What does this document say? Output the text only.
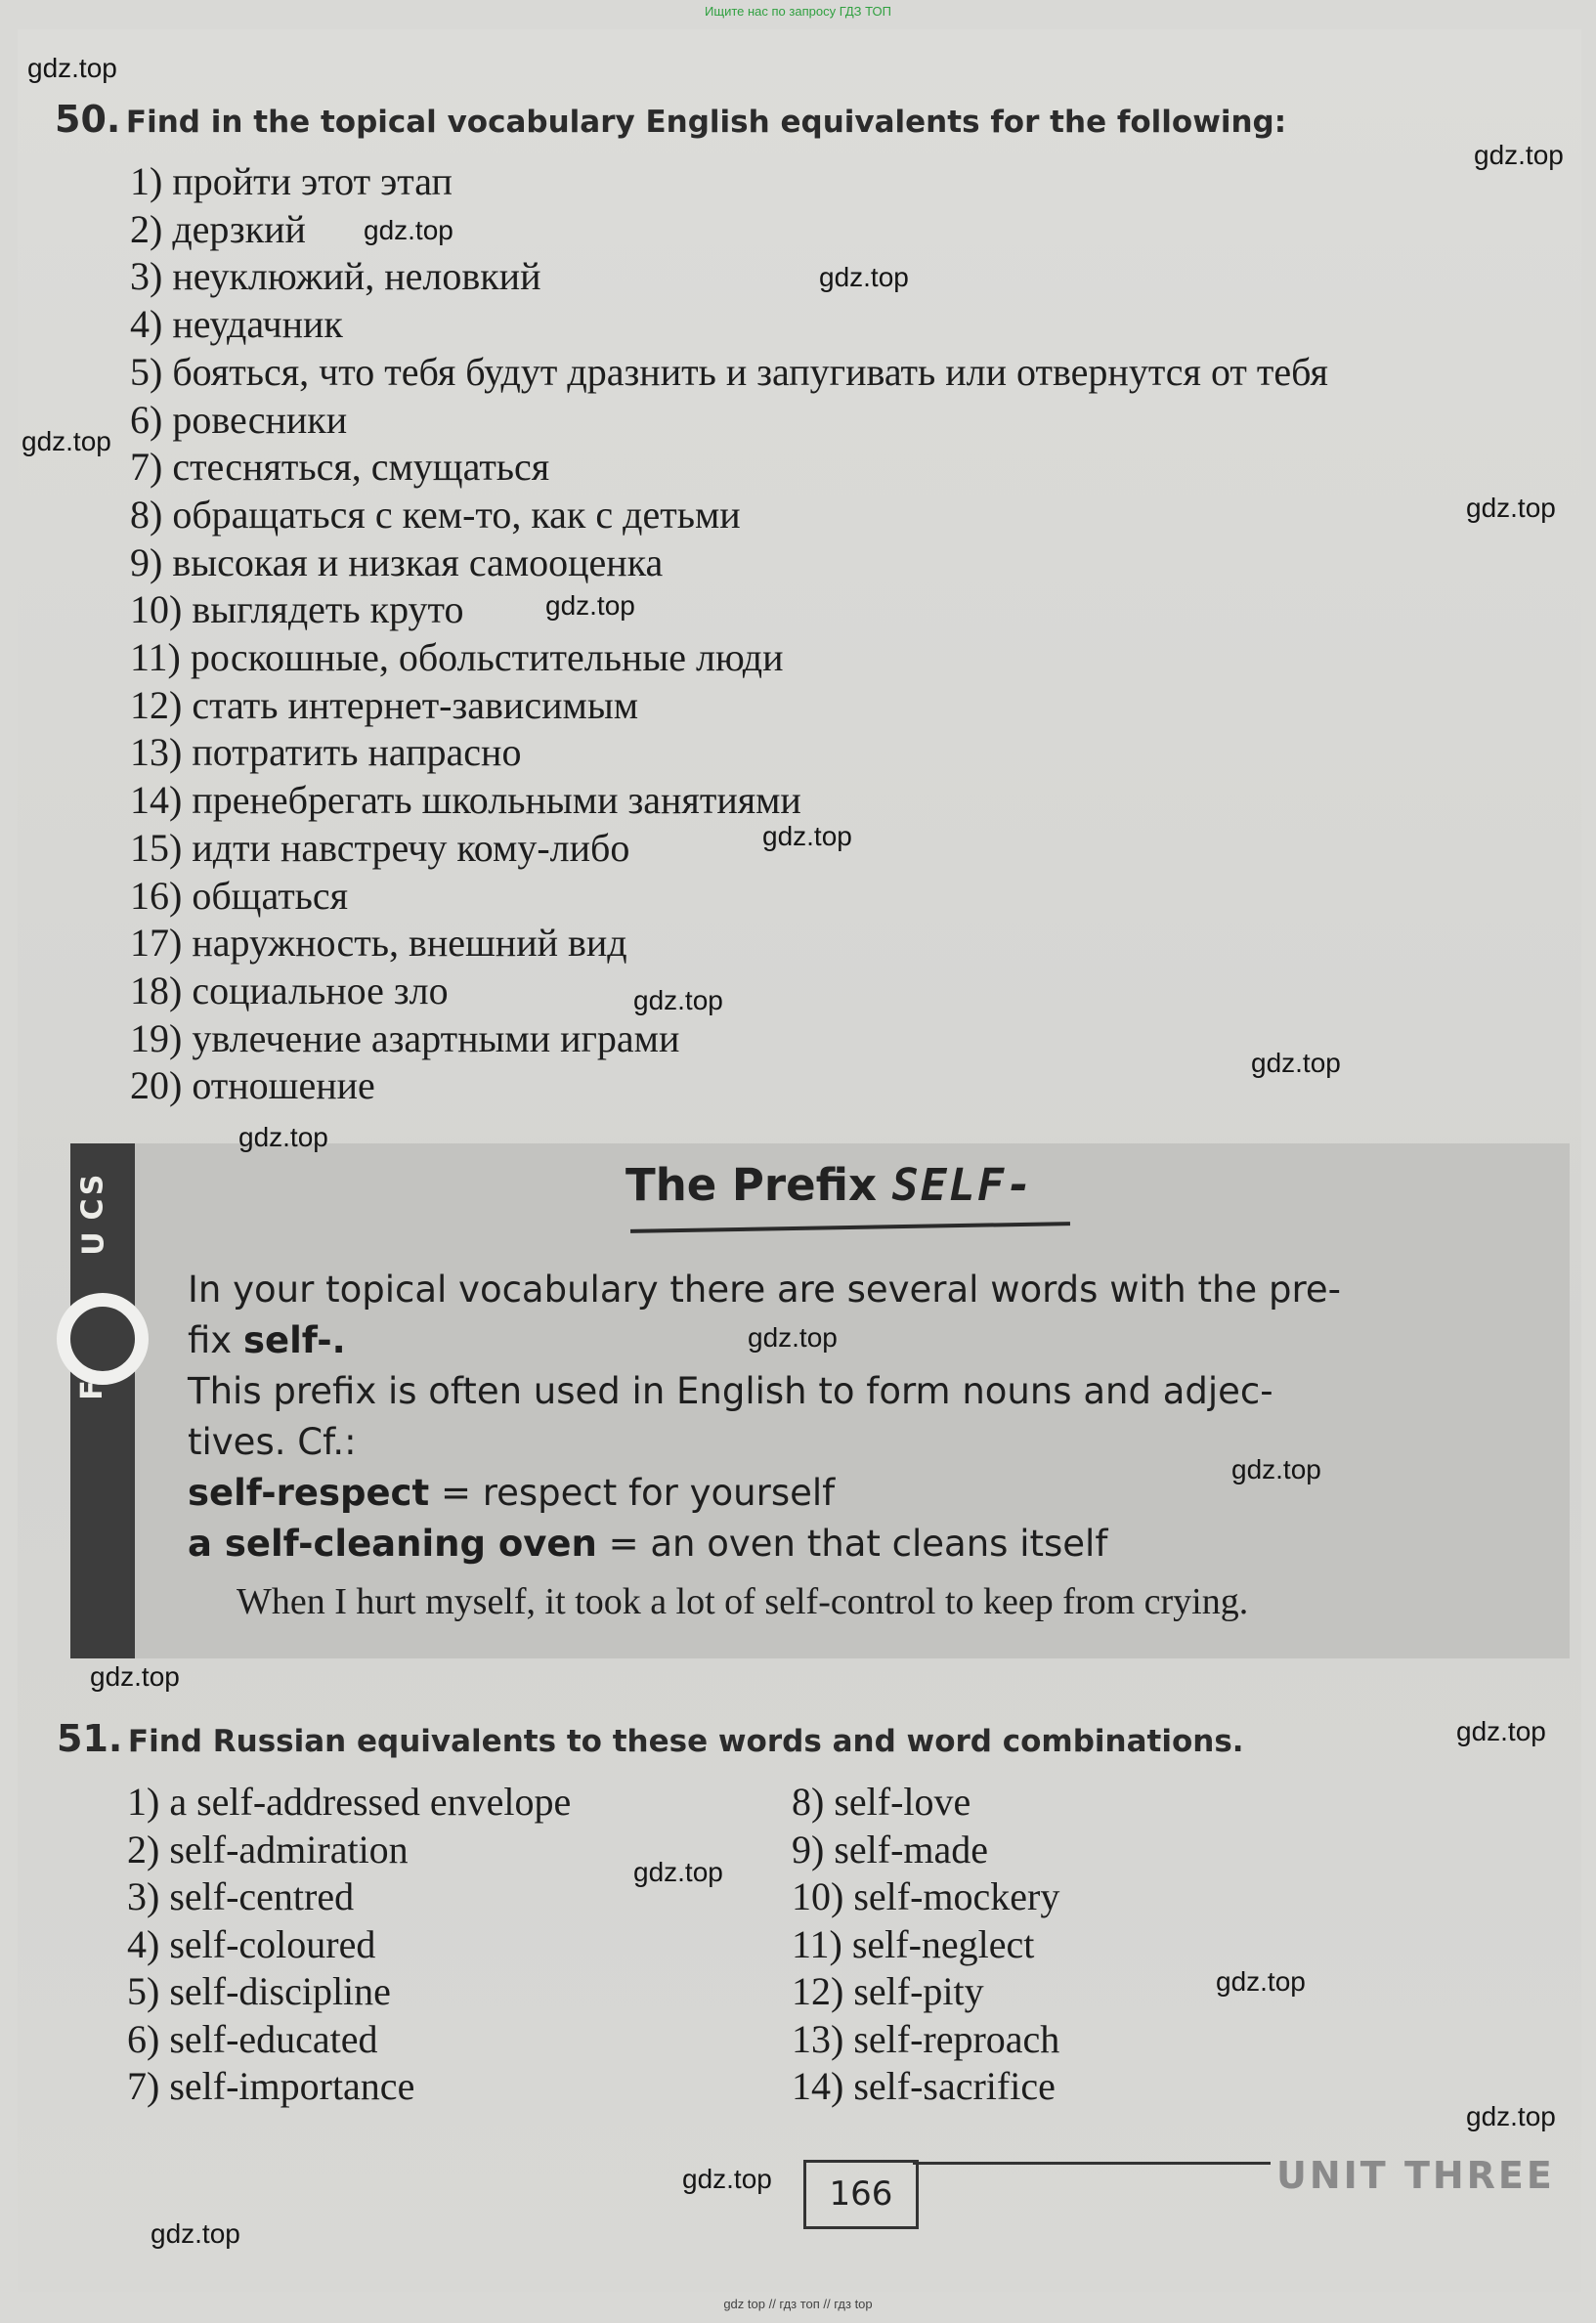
Ищите нас по запросу ГДЗ ТОП
50. Find in the topical vocabulary English equivalents for the following:
1) пройти этот этап
2) дерзкий
3) неуклюжий, неловкий
4) неудачник
5) бояться, что тебя будут дразнить и запугивать или отвернутся от тебя
6) ровесники
7) стесняться, смущаться
8) обращаться с кем-то, как с детьми
9) высокая и низкая самооценка
10) выглядеть круто
11) роскошные, обольстительные люди
12) стать интернет-зависимым
13) потратить напрасно
14) пренебрегать школьными занятиями
15) идти навстречу кому-либо
16) общаться
17) наружность, внешний вид
18) социальное зло
19) увлечение азартными играми
20) отношение
S
U
C
F
The Prefix SELF-
In your topical vocabulary there are several words with the pre-
fix self-.
This prefix is often used in English to form nouns and adjec-
tives. Cf.:
self-respect = respect for yourself
a self-cleaning oven = an oven that cleans itself
When I hurt myself, it took a lot of self-control to keep from crying.
51. Find Russian equivalents to these words and word combinations.
1) a self-addressed envelope
2) self-admiration
3) self-centred
4) self-coloured
5) self-discipline
6) self-educated
7) self-importance
8) self-love
9) self-made
10) self-mockery
11) self-neglect
12) self-pity
13) self-reproach
14) self-sacrifice
166	UNIT THREE
gdz.top
gdz.top
gdz.top
gdz.top
gdz.top
gdz.top
gdz.top
gdz.top
gdz.top
gdz.top
gdz.top
gdz.top
gdz.top
gdz.top
gdz.top
gdz.top
gdz.top
gdz.top
gdz.top
gdz.top
gdz top // гдз топ // гдз top
